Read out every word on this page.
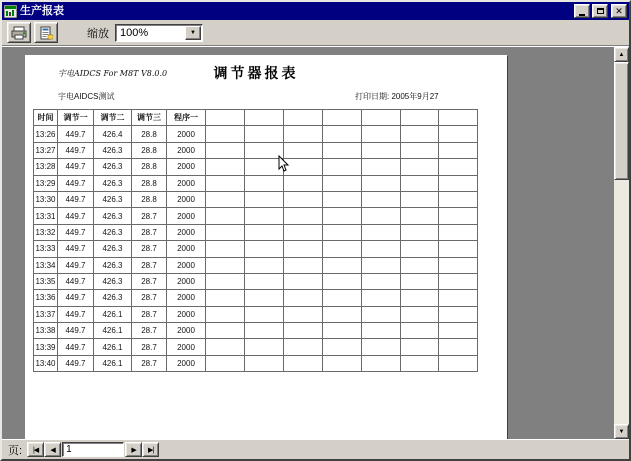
生产报表	✕
缩放	100%	▼
宇电AIDCS For M8T V8.0.0	调节器报表
宇电AIDCS测试	打印日期: 2005年9月27
时间	调节一	调节二	调节三	程序一							
13:26	449.7	426.4	28.8	2000							
13:27	449.7	426.3	28.8	2000							
13:28	449.7	426.3	28.8	2000							
13:29	449.7	426.3	28.8	2000							
13:30	449.7	426.3	28.8	2000							
13:31	449.7	426.3	28.7	2000							
13:32	449.7	426.3	28.7	2000							
13:33	449.7	426.3	28.7	2000							
13:34	449.7	426.3	28.7	2000							
13:35	449.7	426.3	28.7	2000							
13:36	449.7	426.3	28.7	2000							
13:37	449.7	426.1	28.7	2000							
13:38	449.7	426.1	28.7	2000							
13:39	449.7	426.1	28.7	2000							
13:40	449.7	426.1	28.7	2000							
▲
▼
页: |◀ ◀
1	▶ ▶|
